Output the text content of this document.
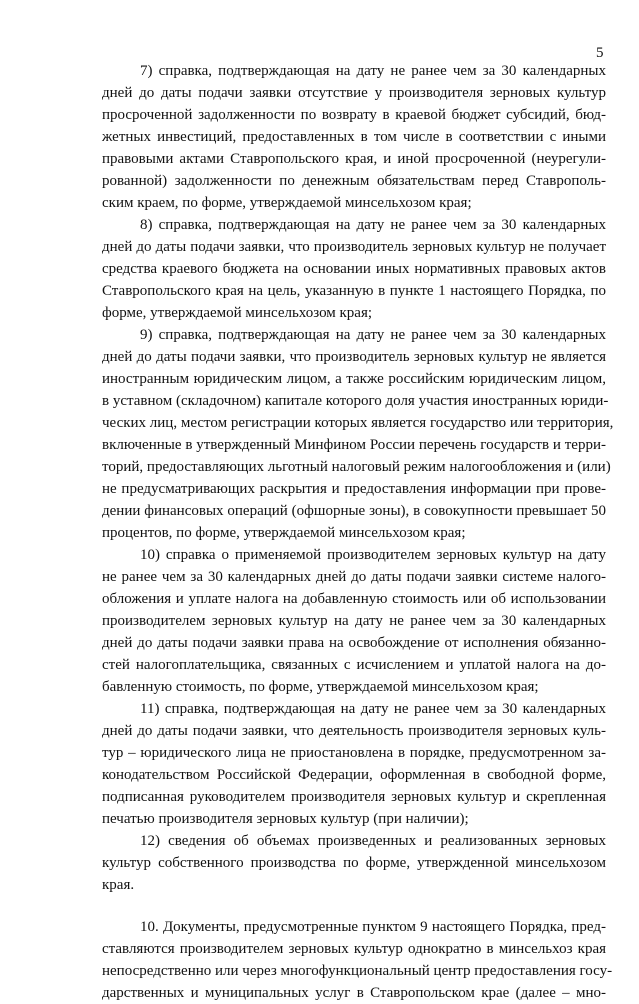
5

7) справка, подтверждающая на дату не ранее чем за 30 календарных
дней до даты подачи заявки отсутствие у производителя зерновых культур
просроченной задолженности по возврату в краевой бюджет субсидий, бюд-
жетных инвестиций, предоставленных в том числе в соответствии с иными
правовыми актами Ставропольского края, и иной просроченной (неурегули-
рованной) задолженности по денежным обязательствам перед Ставрополь-
ским краем, по форме, утверждаемой минсельхозом края;

8) справка, подтверждающая на дату не ранее чем за 30 календарных
дней до даты подачи заявки, что производитель зерновых культур не получает
средства краевого бюджета на основании иных нормативных правовых актов
Ставропольского края на цель, указанную в пункте 1 настоящего Порядка, по
форме, утверждаемой минсельхозом края;

9) справка, подтверждающая на дату не ранее чем за 30 календарных
дней до даты подачи заявки, что производитель зерновых культур не является
иностранным юридическим лицом, а также российским юридическим лицом,
в уставном (складочном) капитале которого доля участия иностранных юриди-
ческих лиц, местом регистрации которых является государство или территория,
включенные в утвержденный Минфином России перечень государств и терри-
торий, предоставляющих льготный налоговый режим налогообложения и (или)
не предусматривающих раскрытия и предоставления информации при прове-
дении финансовых операций (офшорные зоны), в совокупности превышает 50
процентов, по форме, утверждаемой минсельхозом края;

10) справка о применяемой производителем зерновых культур на дату
не ранее чем за 30 календарных дней до даты подачи заявки системе налого-
обложения и уплате налога на добавленную стоимость или об использовании
производителем зерновых культур на дату не ранее чем за 30 календарных
дней до даты подачи заявки права на освобождение от исполнения обязанно-
стей налогоплательщика, связанных с исчислением и уплатой налога на до-
бавленную стоимость, по форме, утверждаемой минсельхозом края;

11) справка, подтверждающая на дату не ранее чем за 30 календарных
дней до даты подачи заявки, что деятельность производителя зерновых куль-
тур – юридического лица не приостановлена в порядке, предусмотренном за-
конодательством Российской Федерации, оформленная в свободной форме,
подписанная руководителем производителя зерновых культур и скрепленная
печатью производителя зерновых культур (при наличии);

12) сведения об объемах произведенных и реализованных зерновых
культур собственного производства по форме, утвержденной минсельхозом
края.

10. Документы, предусмотренные пунктом 9 настоящего Порядка, пред-
ставляются производителем зерновых культур однократно в минсельхоз края
непосредственно или через многофункциональный центр предоставления госу-
дарственных и муниципальных услуг в Ставропольском крае (далее – мно-
